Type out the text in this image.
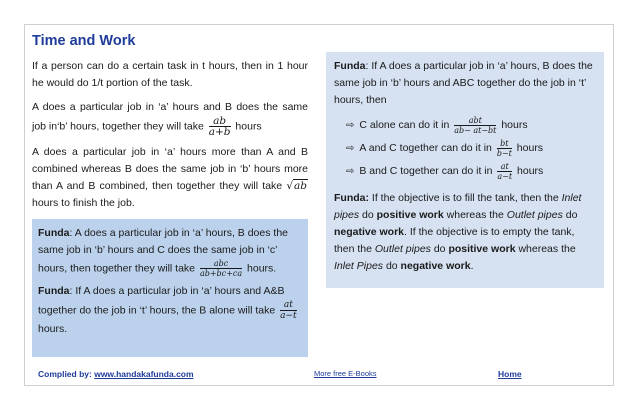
Time and Work

If a person can do a certain task in t hours, then in 1 hour he would do 1/t portion of the task.

A does a particular job in ‘a’ hours and B does the same job in‘b’ hours, together they will take $\frac{ab}{a+b}$ hours

A does a particular job in ‘a’ hours more than A and B combined whereas B does the same job in ‘b’ hours more than A and B combined, then together they will take √ab hours to finish the job.

Funda: A does a particular job in ‘a’ hours, B does the same job in ‘b’ hours and C does the same job in ‘c’ hours, then together they will take $\frac{\text{abc}}{ab+bc+ca}$ hours.

Funda: If A does a particular job in ‘a’ hours and A&B together do the job in ‘t’ hours, the B alone will take $\frac{at}{a-t}$
hours.

Funda: If A does a particular job in ‘a’ hours, B does the same job in ‘b’ hours and ABC together do the job in ‘t’ hours, then

⇨ C alone can do it in $\frac{\text{abt}}{ab- at-bt}$ hours
⇨ A and C together can do it in $\frac{bt}{b-t}$ hours
⇨ B and C together can do it in $\frac{at}{a-t}$ hours

Funda: If the objective is to fill the tank, then the Inlet pipes do positive work whereas the Outlet pipes do negative work. If the objective is to empty the tank, then the Outlet pipes do positive work whereas the Inlet Pipes do negative work.

Complied by: www.handakafunda.com	More free E-Books	Home
